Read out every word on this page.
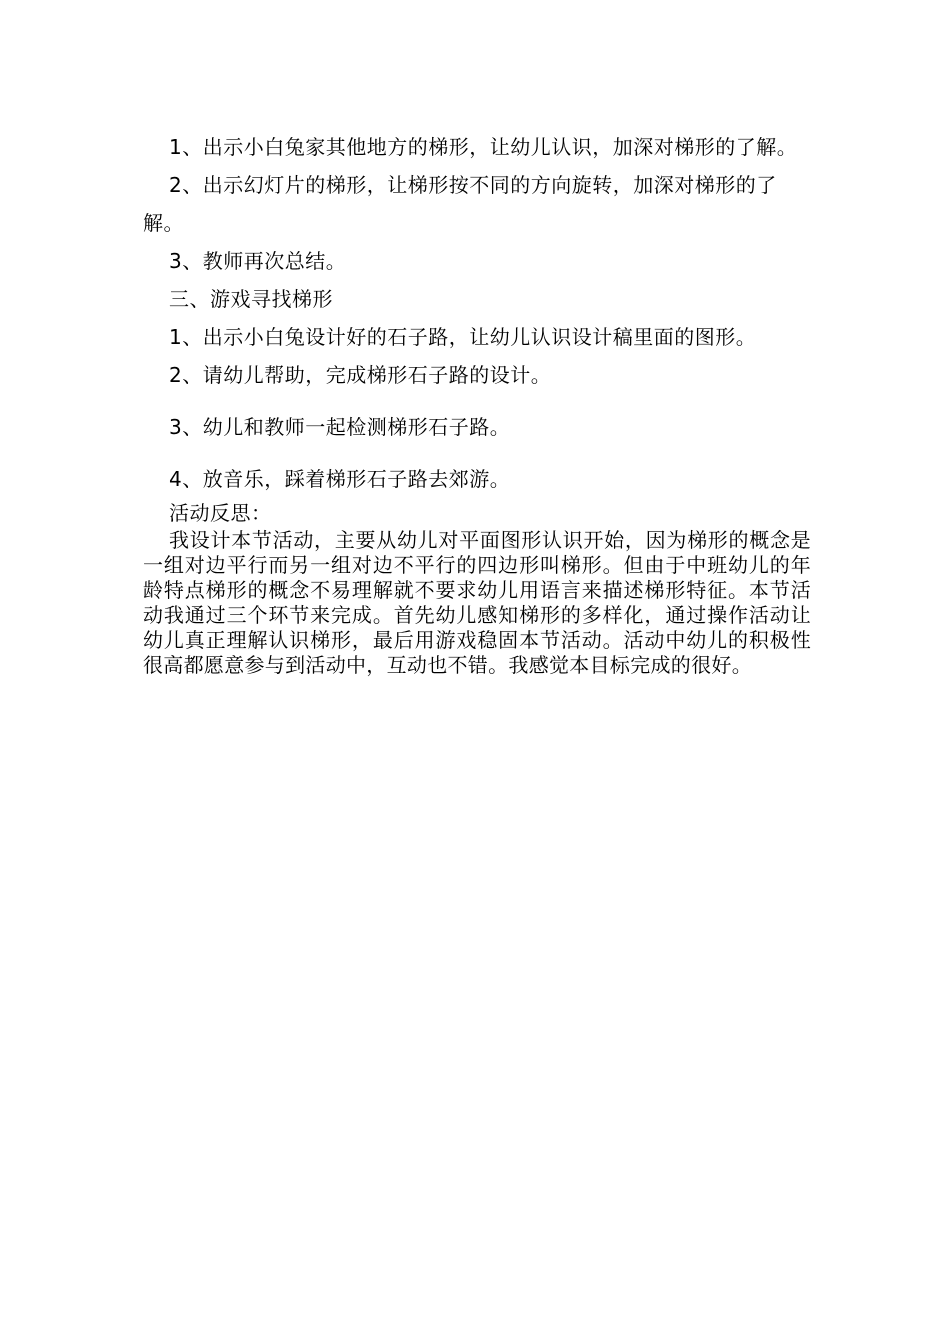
1、出示小白兔家其他地方的梯形，让幼儿认识，加深对梯形的了解。

2、出示幻灯片的梯形，让梯形按不同的方向旋转，加深对梯形的了解。

3、教师再次总结。

三、游戏寻找梯形

1、出示小白兔设计好的石子路，让幼儿认识设计稿里面的图形。

2、请幼儿帮助，完成梯形石子路的设计。

3、幼儿和教师一起检测梯形石子路。

4、放音乐，踩着梯形石子路去郊游。

活动反思：

我设计本节活动，主要从幼儿对平面图形认识开始，因为梯形的概念是一组对边平行而另一组对边不平行的四边形叫梯形。但由于中班幼儿的年龄特点梯形的概念不易理解就不要求幼儿用语言来描述梯形特征。本节活动我通过三个环节来完成。首先幼儿感知梯形的多样化，通过操作活动让幼儿真正理解认识梯形，最后用游戏稳固本节活动。活动中幼儿的积极性很高都愿意参与到活动中，互动也不错。我感觉本目标完成的很好。
